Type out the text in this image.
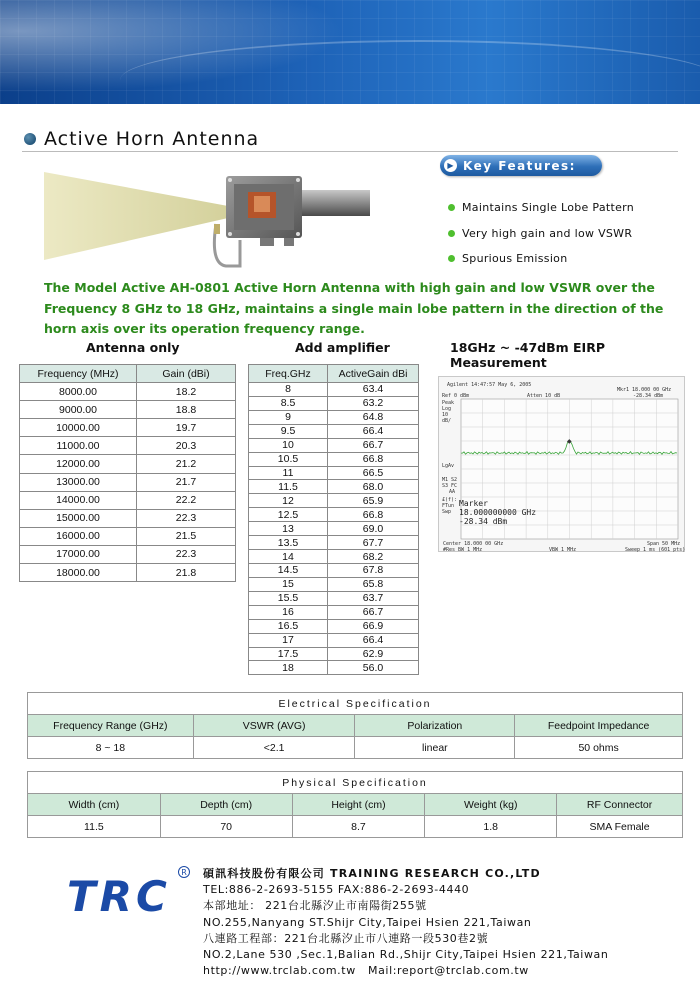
Active Horn Antenna
▶ Key Features:
Maintains Single Lobe Pattern
Very high gain and low VSWR
Spurious Emission

The Model Active AH-0801 Active Horn Antenna with high gain and low VSWR over the Frequency 8 GHz to 18 GHz, maintains a single main lobe pattern in the direction of the horn axis over its operation frequency range.

Antenna only	Add amplifier	18GHz ~ -47dBm EIRP Measurement
Frequency (MHz)	Gain (dBi)
8000.00	18.2
9000.00	18.8
10000.00	19.7
11000.00	20.3
12000.00	21.2
13000.00	21.7
14000.00	22.2
15000.00	22.3
16000.00	21.5
17000.00	22.3
18000.00	21.8
Freq.GHz	ActiveGain dBi
8	63.4
8.5	63.2
9	64.8
9.5	66.4
10	66.7
10.5	66.8
11	66.5
11.5	68.0
12	65.9
12.5	66.8
13	69.0
13.5	67.7
14	68.2
14.5	67.8
15	65.8
15.5	63.7
16	66.7
16.5	66.9
17	66.4
17.5	62.9
18	56.0
◆
Agilent 14:47:57 May 6, 2005
Mkr1 18.000 00 GHz
-28.34 dBm
Ref 0 dBm	Atten 10 dB
Peak
Log
10
dB/
LgAv
M1 S2
S3 FC
AA
£(f):
FTun
Swp
Marker
18.000000000 GHz
-28.34 dBm
Center 18.000 00 GHz	Span 50 MHz
#Res BW 1 MHz	VBW 1 MHz	Sweep 1 ms (601 pts)
Electrical Specification			
Frequency Range (GHz)	VSWR (AVG)	Polarization	Feedpoint Impedance
8 ~ 18	<2.1	linear	50 ohms
Physical Specification				
Width (cm)	Depth (cm)	Height (cm)	Weight (kg)	RF Connector
11.5	70	8.7	1.8	SMA Female
TRC	R 碩訊科技股份有限公司 TRAINING RESEARCH CO.,LTD
TEL:886-2-2693-5155 FAX:886-2-2693-4440
本部地址： 221台北縣汐止市南陽街255號
NO.255,Nanyang ST.Shijr City,Taipei Hsien 221,Taiwan
八連路工程部：221台北縣汐止市八連路一段530巷2號
NO.2,Lane 530 ,Sec.1,Balian Rd.,Shijr City,Taipei Hsien 221,Taiwan
http://www.trclab.com.tw Mail:report@trclab.com.tw
